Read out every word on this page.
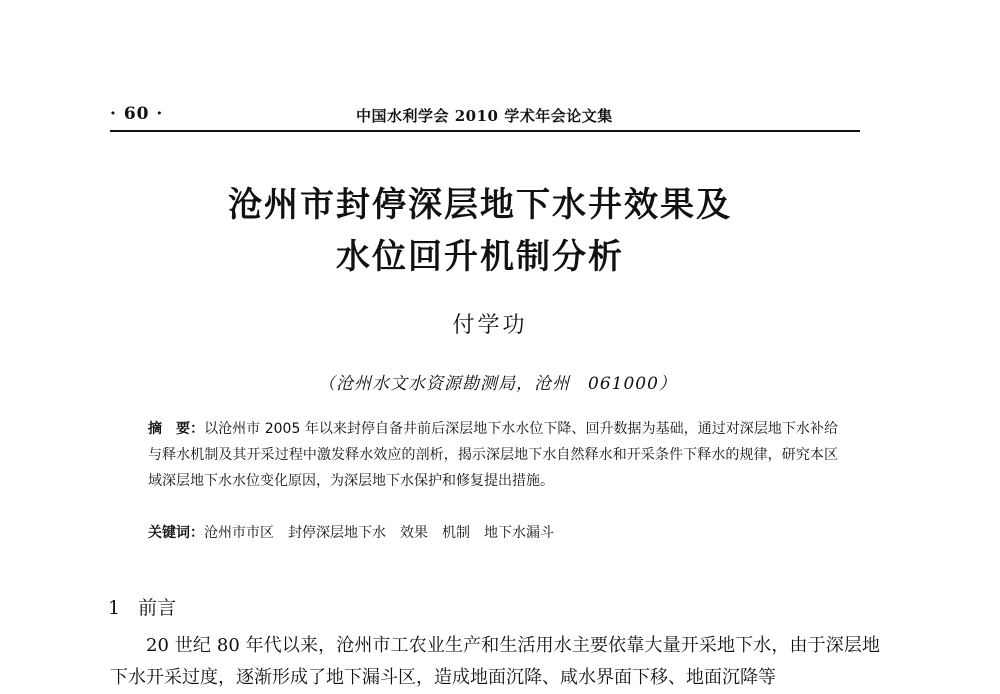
· 60 ·	中国水利学会 2010 学术年会论文集
沧州市封停深层地下水井效果及
水位回升机制分析
付学功
（沧州水文水资源勘测局，沧州　061000）
摘　要：以沧州市 2005 年以来封停自备井前后深层地下水水位下降、回升数据为基础，通过对深层地下水补给与释水机制及其开采过程中激发释水效应的剖析，揭示深层地下水自然释水和开采条件下释水的规律，研究本区域深层地下水水位变化原因，为深层地下水保护和修复提出措施。
关键词：沧州市市区 封停深层地下水 效果 机制 地下水漏斗
1 前言

20 世纪 80 年代以来，沧州市工农业生产和生活用水主要依靠大量开采地下水，由于深层地下水开采过度，逐渐形成了地下漏斗区，造成地面沉降、咸水界面下移、地面沉降等
